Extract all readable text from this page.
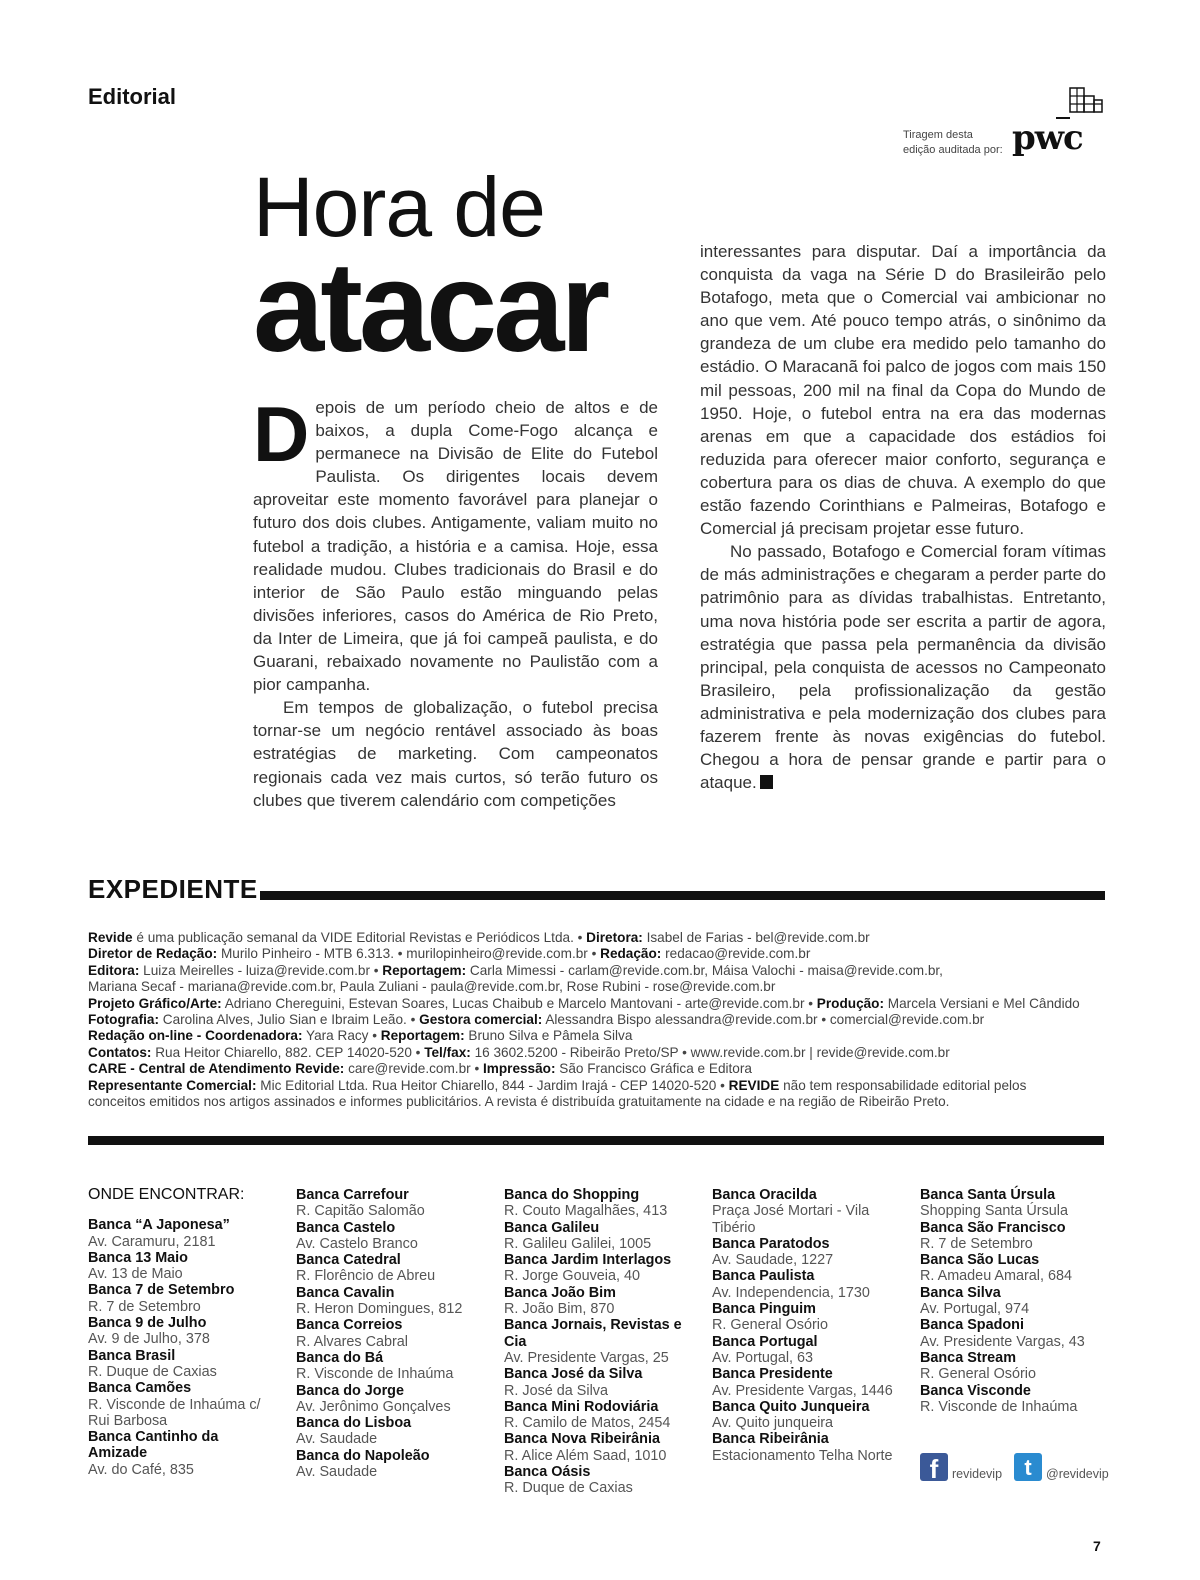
Editorial
Tiragem desta edição auditada por: pwc
Hora de
atacar

Depois de um período cheio de altos e de baixos, a dupla Come-Fogo alcança e permanece na Divisão de Elite do Futebol Paulista. Os dirigentes locais devem aproveitar este momento favorável para planejar o futuro dos dois clubes. Antigamente, valiam muito no futebol a tradição, a história e a camisa. Hoje, essa realidade mudou. Clubes tradicionais do Brasil e do interior de São Paulo estão minguando pelas divisões inferiores, casos do América de Rio Preto, da Inter de Limeira, que já foi campeã paulista, e do Guarani, rebaixado novamente no Paulistão com a pior campanha.

Em tempos de globalização, o futebol precisa tornar-se um negócio rentável associado às boas estratégias de marketing. Com campeonatos regionais cada vez mais curtos, só terão futuro os clubes que tiverem calendário com competições

interessantes para disputar. Daí a importância da conquista da vaga na Série D do Brasileirão pelo Botafogo, meta que o Comercial vai ambicionar no ano que vem. Até pouco tempo atrás, o sinônimo da grandeza de um clube era medido pelo tamanho do estádio. O Maracanã foi palco de jogos com mais 150 mil pessoas, 200 mil na final da Copa do Mundo de 1950. Hoje, o futebol entra na era das modernas arenas em que a capacidade dos estádios foi reduzida para oferecer maior conforto, segurança e cobertura para os dias de chuva. A exemplo do que estão fazendo Corinthians e Palmeiras, Botafogo e Comercial já precisam projetar esse futuro.

No passado, Botafogo e Comercial foram vítimas de más administrações e chegaram a perder parte do patrimônio para as dívidas trabalhistas. Entretanto, uma nova história pode ser escrita a partir de agora, estratégia que passa pela permanência da divisão principal, pela conquista de acessos no Campeonato Brasileiro, pela profissionalização da gestão administrativa e pela modernização dos clubes para fazerem frente às novas exigências do futebol. Chegou a hora de pensar grande e partir para o ataque.

EXPEDIENTE
Revide é uma publicação semanal da VIDE Editorial Revistas e Periódicos Ltda. • Diretora: Isabel de Farias - bel@revide.com.br
Diretor de Redação: Murilo Pinheiro - MTB 6.313. • murilopinheiro@revide.com.br • Redação: redacao@revide.com.br
Editora: Luiza Meirelles - luiza@revide.com.br • Reportagem: Carla Mimessi - carlam@revide.com.br, Máisa Valochi - maisa@revide.com.br,
Mariana Secaf - mariana@revide.com.br, Paula Zuliani - paula@revide.com.br, Rose Rubini - rose@revide.com.br
Projeto Gráfico/Arte: Adriano Chereguini, Estevan Soares, Lucas Chaibub e Marcelo Mantovani - arte@revide.com.br • Produção: Marcela Versiani e Mel Cândido
Fotografia: Carolina Alves, Julio Sian e Ibraim Leão. • Gestora comercial: Alessandra Bispo alessandra@revide.com.br • comercial@revide.com.br
Redação on-line - Coordenadora: Yara Racy • Reportagem: Bruno Silva e Pâmela Silva
Contatos: Rua Heitor Chiarello, 882. CEP 14020-520 • Tel/fax: 16 3602.5200 - Ribeirão Preto/SP • www.revide.com.br | revide@revide.com.br
CARE - Central de Atendimento Revide: care@revide.com.br • Impressão: São Francisco Gráfica e Editora
Representante Comercial: Mic Editorial Ltda. Rua Heitor Chiarello, 844 - Jardim Irajá - CEP 14020-520 • REVIDE não tem responsabilidade editorial pelos
conceitos emitidos nos artigos assinados e informes publicitários. A revista é distribuída gratuitamente na cidade e na região de Ribeirão Preto.
ONDE ENCONTRAR:
Banca “A Japonesa”
Av. Caramuru, 2181
Banca 13 Maio
Av. 13 de Maio
Banca 7 de Setembro
R. 7 de Setembro
Banca 9 de Julho
Av. 9 de Julho, 378
Banca Brasil
R. Duque de Caxias
Banca Camões
R. Visconde de Inhaúma c/ Rui Barbosa
Banca Cantinho da Amizade
Av. do Café, 835
Banca Carrefour
R. Capitão Salomão
Banca Castelo
Av. Castelo Branco
Banca Catedral
R. Florêncio de Abreu
Banca Cavalin
R. Heron Domingues, 812
Banca Correios
R. Alvares Cabral
Banca do Bá
R. Visconde de Inhaúma
Banca do Jorge
Av. Jerônimo Gonçalves
Banca do Lisboa
Av. Saudade
Banca do Napoleão
Av. Saudade
Banca do Shopping
R. Couto Magalhães, 413
Banca Galileu
R. Galileu Galilei, 1005
Banca Jardim Interlagos
R. Jorge Gouveia, 40
Banca João Bim
R. João Bim, 870
Banca Jornais, Revistas e Cia
Av. Presidente Vargas, 25
Banca José da Silva
R. José da Silva
Banca Mini Rodoviária
R. Camilo de Matos, 2454
Banca Nova Ribeirânia
R. Alice Além Saad, 1010
Banca Oásis
R. Duque de Caxias
Banca Oracilda
Praça José Mortari - Vila Tibério
Banca Paratodos
Av. Saudade, 1227
Banca Paulista
Av. Independencia, 1730
Banca Pinguim
R. General Osório
Banca Portugal
Av. Portugal, 63
Banca Presidente
Av. Presidente Vargas, 1446
Banca Quito Junqueira
Av. Quito junqueira
Banca Ribeirânia
Estacionamento Telha Norte
Banca Santa Úrsula
Shopping Santa Úrsula
Banca São Francisco
R. 7 de Setembro
Banca São Lucas
R. Amadeu Amaral, 684
Banca Silva
Av. Portugal, 974
Banca Spadoni
Av. Presidente Vargas, 43
Banca Stream
R. General Osório
Banca Visconde
R. Visconde de Inhaúma
f	revidevip	t	@revidevip
7
